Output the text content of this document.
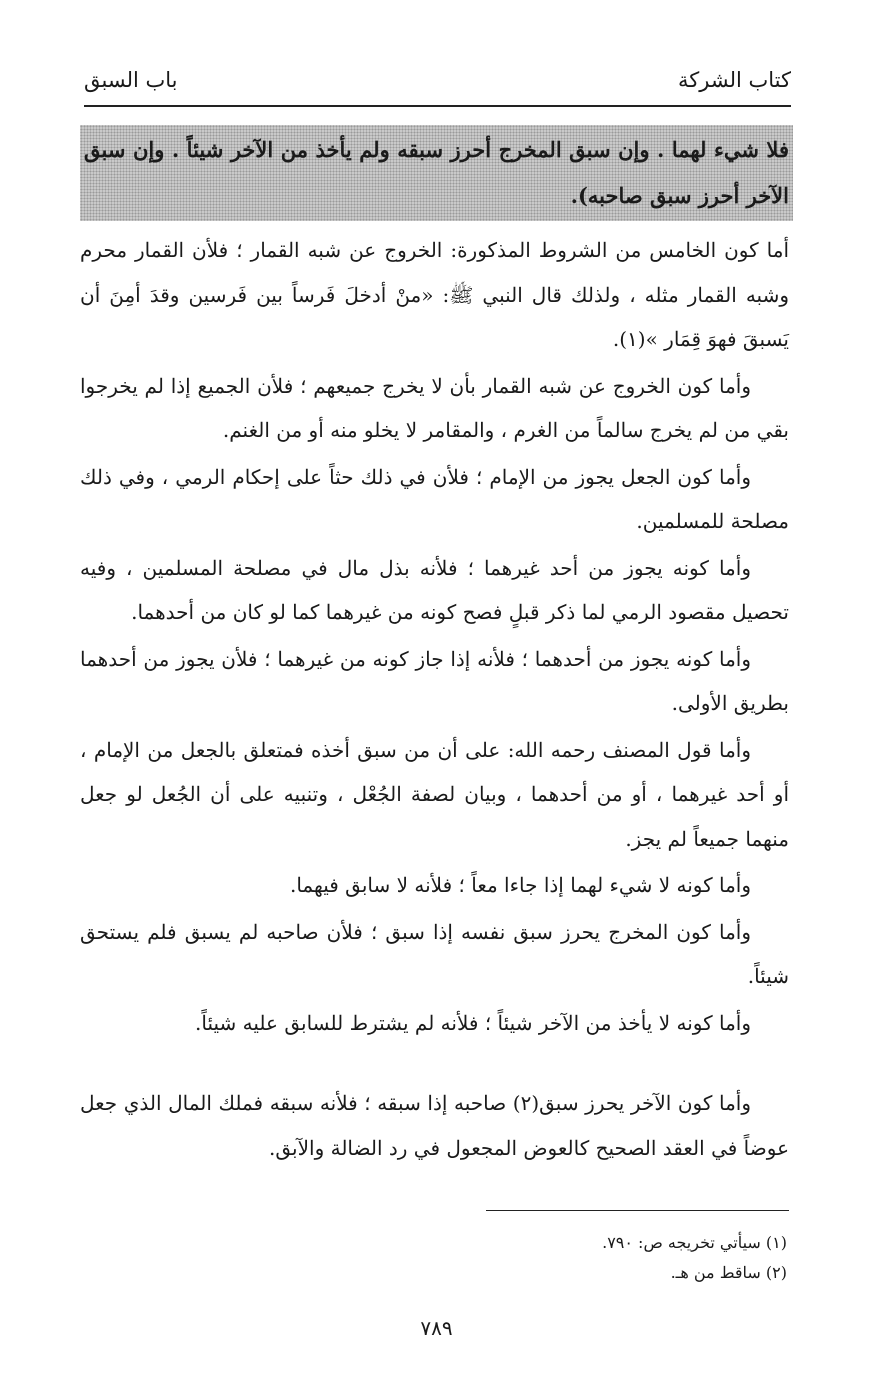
كتاب الشركة
باب السبق
فلا شيء لهما . وإن سبق المخرج أحرز سبقه ولم يأخذ من الآخر شيئاً . وإن سبق الآخر أحرز سبق صاحبه).

أما كون الخامس من الشروط المذكورة: الخروج عن شبه القمار ؛ فلأن القمار محرم وشبه القمار مثله ، ولذلك قال النبي ﷺ: «منْ أدخلَ فَرساً بين فَرسين وقدَ أمِنَ أن يَسبقَ فهوَ قِمَار »(١).

وأما كون الخروج عن شبه القمار بأن لا يخرج جميعهم ؛ فلأن الجميع إذا لم يخرجوا بقي من لم يخرج سالماً من الغرم ، والمقامر لا يخلو منه أو من الغنم.

وأما كون الجعل يجوز من الإمام ؛ فلأن في ذلك حثاً على إحكام الرمي ، وفي ذلك مصلحة للمسلمين.

وأما كونه يجوز من أحد غيرهما ؛ فلأنه بذل مال في مصلحة المسلمين ، وفيه تحصيل مقصود الرمي لما ذكر قبلٍ فصح كونه من غيرهما كما لو كان من أحدهما.

وأما كونه يجوز من أحدهما ؛ فلأنه إذا جاز كونه من غيرهما ؛ فلأن يجوز من أحدهما بطريق الأولى.

وأما قول المصنف رحمه الله: على أن من سبق أخذه فمتعلق بالجعل من الإمام ، أو أحد غيرهما ، أو من أحدهما ، وبيان لصفة الجُعْل ، وتنبيه على أن الجُعل لو جعل منهما جميعاً لم يجز.

وأما كونه لا شيء لهما إذا جاءا معاً ؛ فلأنه لا سابق فيهما.

وأما كون المخرج يحرز سبق نفسه إذا سبق ؛ فلأن صاحبه لم يسبق فلم يستحق شيئاً.

وأما كونه لا يأخذ من الآخر شيئاً ؛ فلأنه لم يشترط للسابق عليه شيئاً.

وأما كون الآخر يحرز سبق(٢) صاحبه إذا سبقه ؛ فلأنه سبقه فملك المال الذي جعل عوضاً في العقد الصحيح كالعوض المجعول في رد الضالة والآبق.

(١) سيأتي تخريجه ص: ٧٩٠.
(٢) ساقط من هـ.
٧٨٩
